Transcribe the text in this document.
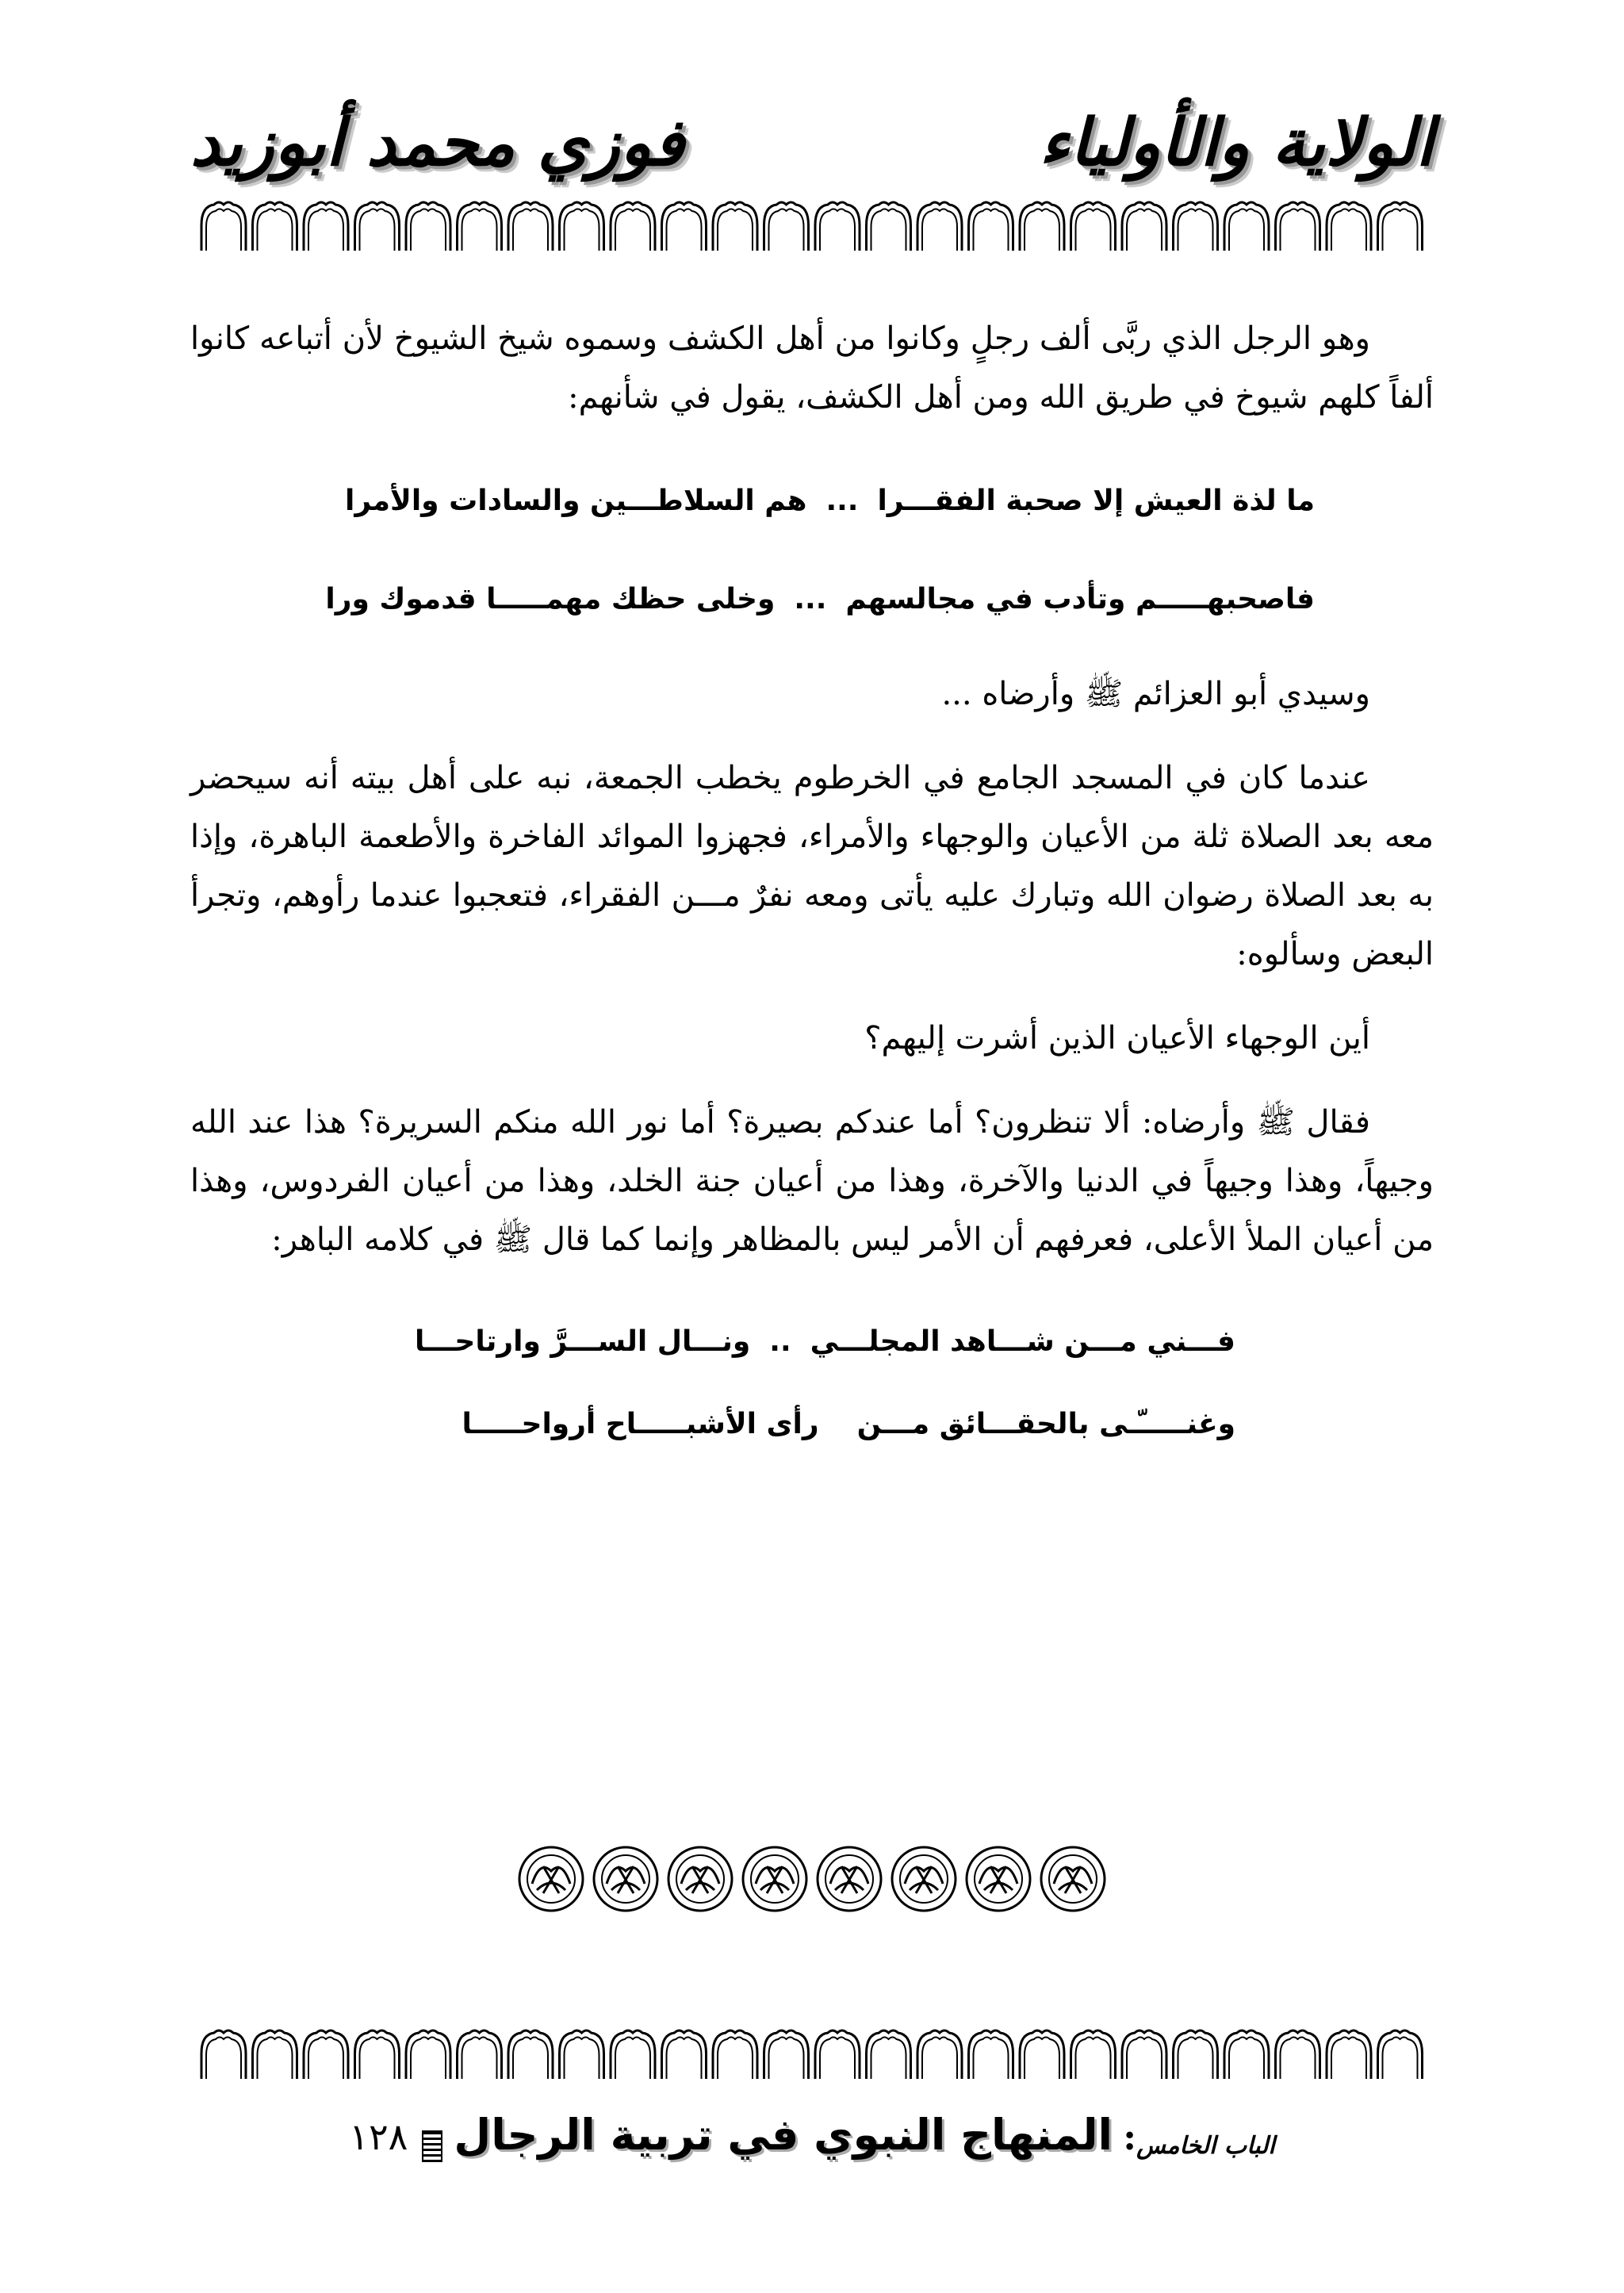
الولاية والأولياء
فوزي محمد أبوزيد

وهو الرجل الذي ربَّى ألف رجلٍ وكانوا من أهل الكشف وسموه شيخ الشيوخ لأن أتباعه كانوا ألفاً كلهم شيوخ في طريق الله ومن أهل الكشف، يقول في شأنهم:

ما لذة العيش إلا صحبة الفقـــرا...هم السلاطـــين والسادات والأمرا
فاصحبهـــــم وتأدب في مجالسهم...وخلى حظك مهمـــــا قدموك ورا

وسيدي أبو العزائم ﷺ وأرضاه ...

عندما كان في المسجد الجامع في الخرطوم يخطب الجمعة، نبه على أهل بيته أنه سيحضر معه بعد الصلاة ثلة من الأعيان والوجهاء والأمراء، فجهزوا الموائد الفاخرة والأطعمة الباهرة، وإذا به بعد الصلاة رضوان الله وتبارك عليه يأتى ومعه نفرٌ مـــن الفقراء، فتعجبوا عندما رأوهم، وتجرأ البعض وسألوه:

أين الوجهاء الأعيان الذين أشرت إليهم؟

فقال ﷺ وأرضاه: ألا تنظرون؟ أما عندكم بصيرة؟ أما نور الله منكم السريرة؟ هذا عند الله وجيهاً، وهذا وجيهاً في الدنيا والآخرة، وهذا من أعيان جنة الخلد، وهذا من أعيان الفردوس، وهذا من أعيان الملأ الأعلى، فعرفهم أن الأمر ليس بالمظاهر وإنما كما قال ﷺ في كلامه الباهر:

فـــني مـــن شـــاهد المجلـــي..ونـــال الســـرَّ وارتاحـــا
وغنـــــّـى بالحقـــائق مـــنرأى الأشبـــــاح أرواحـــــا
الباب الخامس: المنهاج النبوي في تربية الرجال١٢٨
